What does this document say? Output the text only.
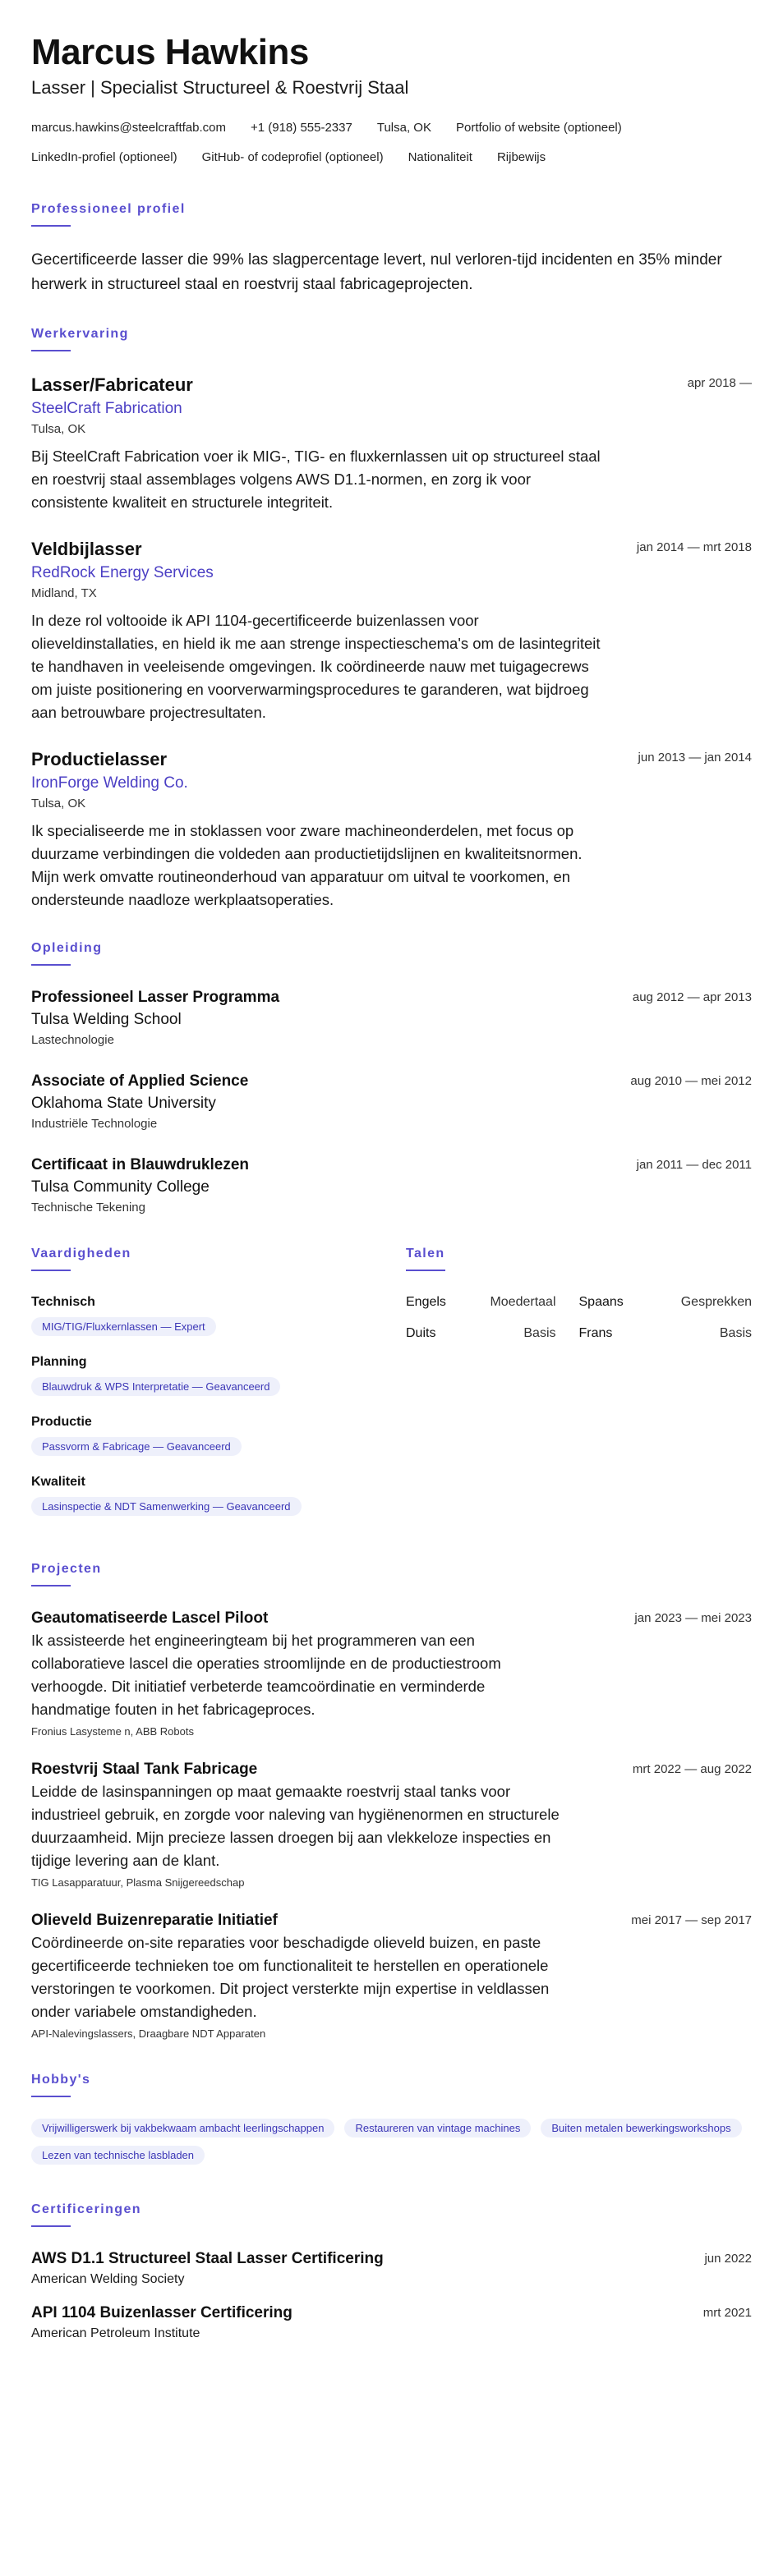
Marcus Hawkins
Lasser | Specialist Structureel & Roestvrij Staal
marcus.hawkins@steelcraftfab.com +1 (918) 555-2337 Tulsa, OK Portfolio of website (optioneel)
LinkedIn-profiel (optioneel) GitHub- of codeprofiel (optioneel) Nationaliteit Rijbewijs
Professioneel profiel
Gecertificeerde lasser die 99% las slagpercentage levert, nul verloren-tijd incidenten en 35% minder herwerk in structureel staal en roestvrij staal fabricageprojecten.
Werkervaring
Lasser/Fabricateur	apr 2018 —
SteelCraft Fabrication
Tulsa, OK
Bij SteelCraft Fabrication voer ik MIG-, TIG- en fluxkernlassen uit op structureel staal en roestvrij staal assemblages volgens AWS D1.1-normen, en zorg ik voor consistente kwaliteit en structurele integriteit.
Veldbijlasser	jan 2014 — mrt 2018
RedRock Energy Services
Midland, TX
In deze rol voltooide ik API 1104-gecertificeerde buizenlassen voor olieveldinstallaties, en hield ik me aan strenge inspectieschema's om de lasintegriteit te handhaven in veeleisende omgevingen. Ik coördineerde nauw met tuigagecrews om juiste positionering en voorverwarmingsprocedures te garanderen, wat bijdroeg aan betrouwbare projectresultaten.
Productielasser	jun 2013 — jan 2014
IronForge Welding Co.
Tulsa, OK
Ik specialiseerde me in stoklassen voor zware machineonderdelen, met focus op duurzame verbindingen die voldeden aan productietijdslijnen en kwaliteitsnormen. Mijn werk omvatte routineonderhoud van apparatuur om uitval te voorkomen, en ondersteunde naadloze werkplaatsoperaties.
Opleiding
Professioneel Lasser Programma	aug 2012 — apr 2013
Tulsa Welding School
Lastechnologie
Associate of Applied Science	aug 2010 — mei 2012
Oklahoma State University
Industriële Technologie
Certificaat in Blauwdruklezen	jan 2011 — dec 2011
Tulsa Community College
Technische Tekening
Vaardigheden
Technisch
MIG/TIG/Fluxkernlassen — Expert
Planning
Blauwdruk & WPS Interpretatie — Geavanceerd
Productie
Passvorm & Fabricage — Geavanceerd
Kwaliteit
Lasinspectie & NDT Samenwerking — Geavanceerd
Talen
Engels	Moedertaal Spaans	Gesprekken
Duits	Basis Frans	Basis
Projecten
Geautomatiseerde Lascel Piloot	jan 2023 — mei 2023
Ik assisteerde het engineeringteam bij het programmeren van een collaboratieve lascel die operaties stroomlijnde en de productiestroom verhoogde. Dit initiatief verbeterde teamcoördinatie en verminderde handmatige fouten in het fabricageproces.
Fronius Lasysteme n, ABB Robots
Roestvrij Staal Tank Fabricage	mrt 2022 — aug 2022
Leidde de lasinspanningen op maat gemaakte roestvrij staal tanks voor industrieel gebruik, en zorgde voor naleving van hygiënenormen en structurele duurzaamheid. Mijn precieze lassen droegen bij aan vlekkeloze inspecties en tijdige levering aan de klant.
TIG Lasapparatuur, Plasma Snijgereedschap
Olieveld Buizenreparatie Initiatief	mei 2017 — sep 2017
Coördineerde on-site reparaties voor beschadigde olieveld buizen, en paste gecertificeerde technieken toe om functionaliteit te herstellen en operationele verstoringen te voorkomen. Dit project versterkte mijn expertise in veldlassen onder variabele omstandigheden.
API-Nalevingslassers, Draagbare NDT Apparaten
Hobby's
Vrijwilligerswerk bij vakbekwaam ambacht leerlingschappen	Restaureren van vintage machines	Buiten metalen bewerkingsworkshops
Lezen van technische lasbladen
Certificeringen
AWS D1.1 Structureel Staal Lasser Certificering	jun 2022
American Welding Society
API 1104 Buizenlasser Certificering	mrt 2021
American Petroleum Institute
